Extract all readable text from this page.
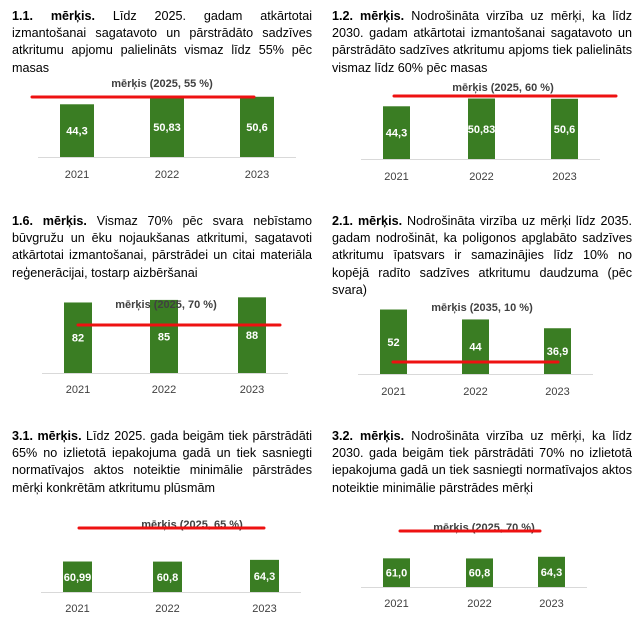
1.1. mērķis. Līdz 2025. gadam atkārtotai izmantošanai sagatavoto un pārstrādāto sadzīves atkritumu apjomu palielināts vismaz līdz 55% pēc masas
44,3
2021
50,83
2022
50,6
2023
mērķis (2025, 55 %)
1.2. mērķis. Nodrošināta virzība uz mērķi, ka līdz 2030. gadam atkārtotai izmantošanai sagatavoto un pārstrādāto sadzīves atkritumu apjoms tiek palielināts vismaz līdz 60% pēc masas
44,3
2021
50,83
2022
50,6
2023
mērķis (2025, 60 %)
1.6. mērķis. Vismaz 70% pēc svara nebīstamo būvgružu un ēku nojaukšanas atkritumi, sagatavoti atkārtotai izmantošanai, pārstrādei un citai materiāla reģenerācijai, tostarp aizbēršanai
82
2021
85
2022
88
2023
mērķis (2025, 70 %)
2.1. mērķis. Nodrošināta virzība uz mērķi līdz 2035. gadam nodrošināt, ka poligonos apglabāto sadzīves atkritumu īpatsvars ir samazinājies līdz 10% no kopējā radīto sadzīves atkritumu daudzuma (pēc svara)
52
2021
44
2022
36,9
2023
mērķis (2035, 10 %)
3.1. mērķis. Līdz 2025. gada beigām tiek pārstrādāti 65% no izlietotā iepakojuma gadā un tiek sasniegti normatīvajos aktos noteiktie minimālie pārstrādes mērķi konkrētām atkritumu plūsmām
60,99
2021
60,8
2022
64,3
2023
mērķis (2025, 65 %)
3.2. mērķis. Nodrošināta virzība uz mērķi, ka līdz 2030. gada beigām tiek pārstrādāti 70% no izlietotā iepakojuma gadā un tiek sasniegti normatīvajos aktos noteiktie minimālie pārstrādes mērķi
61,0
2021
60,8
2022
64,3
2023
mērķis (2025, 70 %)
